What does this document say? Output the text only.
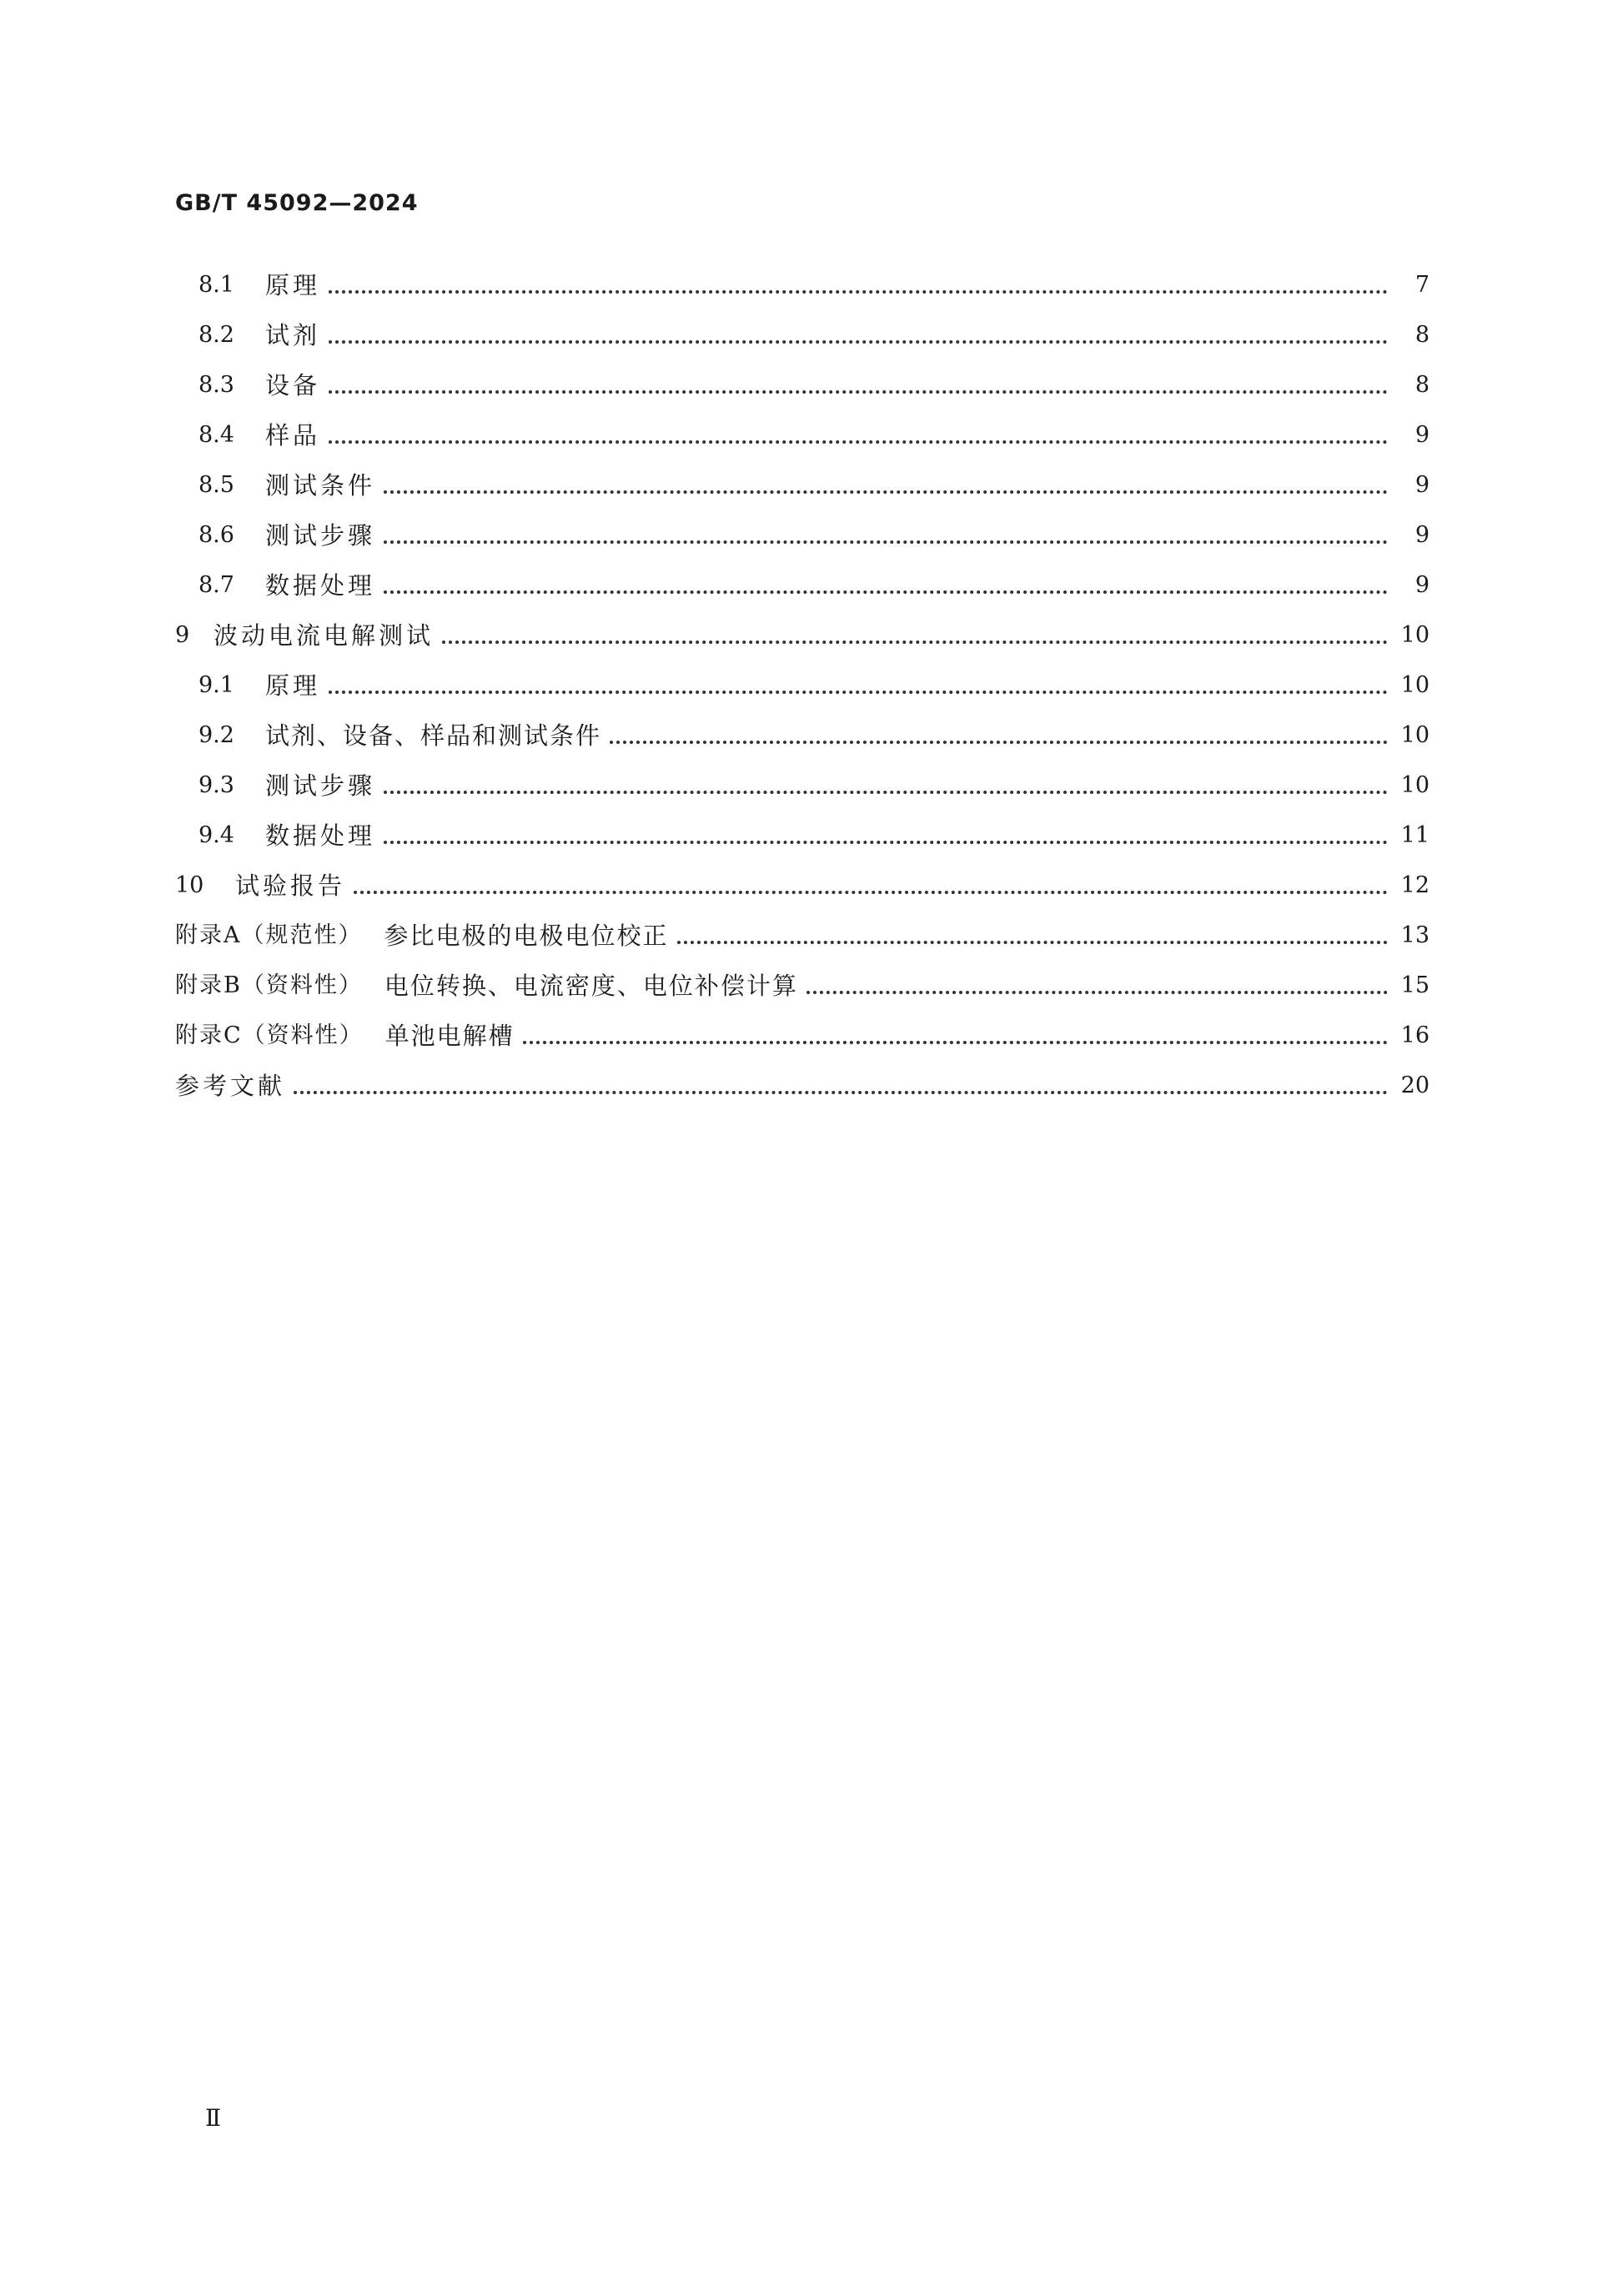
GB/T 45092—2024
8.1	原理	7
8.2	试剂	8
8.3	设备	8
8.4	样品	9
8.5	测试条件	9
8.6	测试步骤	9
8.7	数据处理	9
9 波动电流电解测试	10
9.1	原理	10
9.2	试剂、设备、样品和测试条件	10
9.3	测试步骤	10
9.4	数据处理	11
10	试验报告	12
附录A（规范性） 参比电极的电极电位校正	13
附录B（资料性） 电位转换、电流密度、电位补偿计算	15
附录C（资料性） 单池电解槽	16
参考文献	20
Ⅱ
